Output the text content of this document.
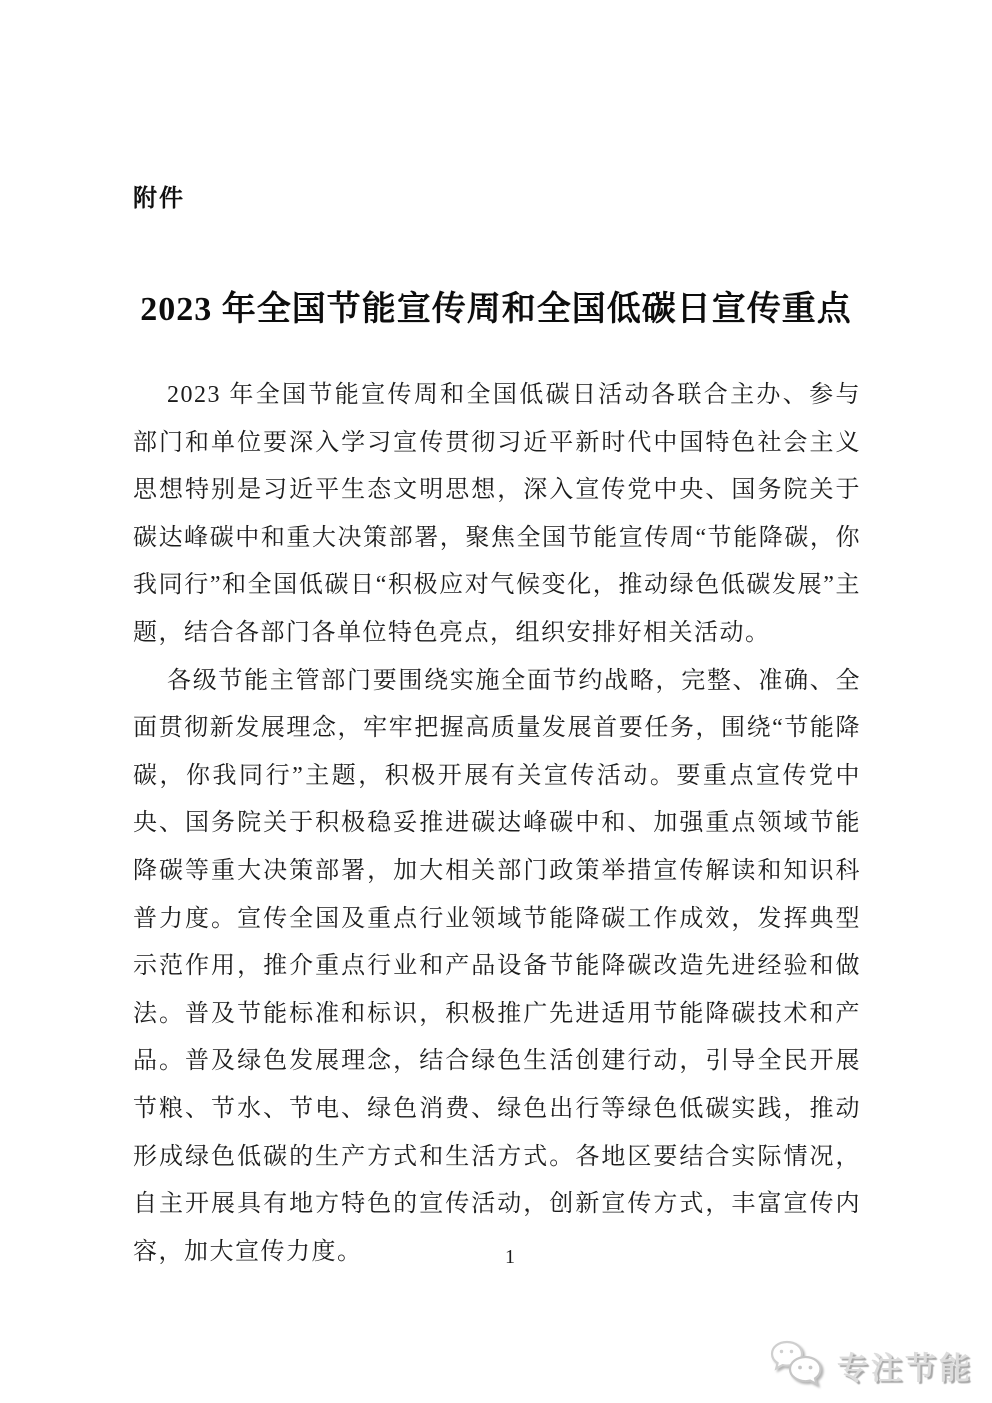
附件
2023 年全国节能宣传周和全国低碳日宣传重点

2023 年全国节能宣传周和全国低碳日活动各联合主办、参与部门和单位要深入学习宣传贯彻习近平新时代中国特色社会主义思想特别是习近平生态文明思想，深入宣传党中央、国务院关于碳达峰碳中和重大决策部署，聚焦全国节能宣传周“节能降碳，你我同行”和全国低碳日“积极应对气候变化，推动绿色低碳发展”主题，结合各部门各单位特色亮点，组织安排好相关活动。

各级节能主管部门要围绕实施全面节约战略，完整、准确、全面贯彻新发展理念，牢牢把握高质量发展首要任务，围绕“节能降碳，你我同行”主题，积极开展有关宣传活动。要重点宣传党中央、国务院关于积极稳妥推进碳达峰碳中和、加强重点领域节能降碳等重大决策部署，加大相关部门政策举措宣传解读和知识科普力度。宣传全国及重点行业领域节能降碳工作成效，发挥典型示范作用，推介重点行业和产品设备节能降碳改造先进经验和做法。普及节能标准和标识，积极推广先进适用节能降碳技术和产品。普及绿色发展理念，结合绿色生活创建行动，引导全民开展节粮、节水、节电、绿色消费、绿色出行等绿色低碳实践，推动形成绿色低碳的生产方式和生活方式。各地区要结合实际情况，自主开展具有地方特色的宣传活动，创新宣传方式，丰富宣传内容，加大宣传力度。	1
专注节能
